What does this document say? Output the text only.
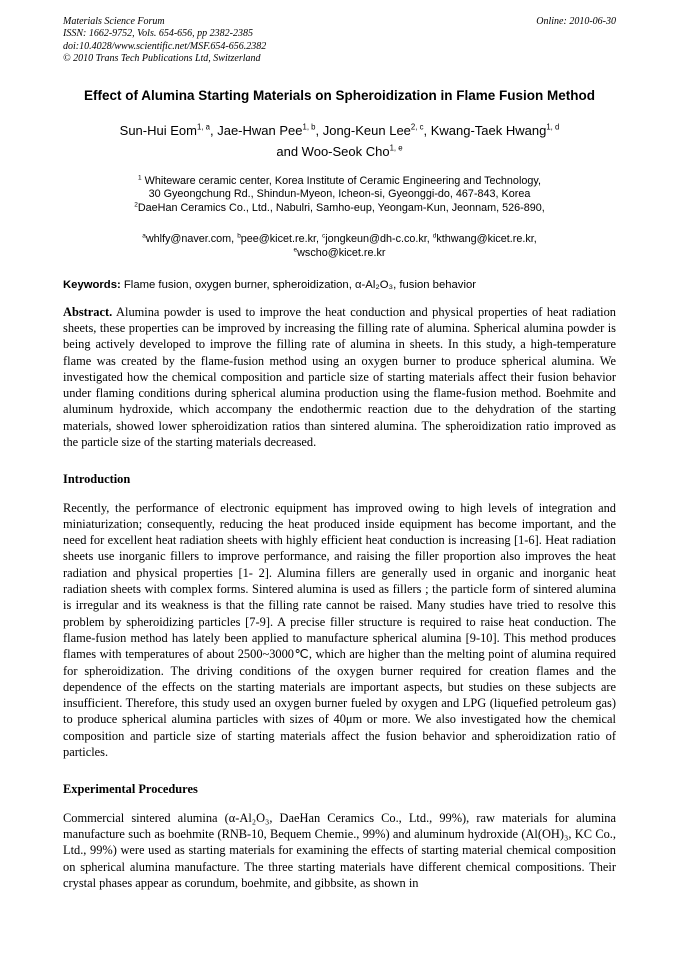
Materials Science Forum	Online: 2010-06-30
ISSN: 1662-9752, Vols. 654-656, pp 2382-2385
doi:10.4028/www.scientific.net/MSF.654-656.2382
© 2010 Trans Tech Publications Ltd, Switzerland
Effect of Alumina Starting Materials on Spheroidization in Flame Fusion Method
Sun-Hui Eom$^{1, a}$, Jae-Hwan Pee$^{1, b}$, Jong-Keun Lee$^{2, c}$, Kwang-Taek Hwang$^{1, d}$
and Woo-Seok Cho$^{1, e}$
$^1$ Whiteware ceramic center, Korea Institute of Ceramic Engineering and Technology,
30 Gyeongchung Rd., Shindun-Myeon, Icheon-si, Gyeonggi-do, 467-843, Korea
$^2$DaeHan Ceramics Co., Ltd., Nabulri, Samho-eup, Yeongam-Kun, Jeonnam, 526-890,
$^a$whlfy@naver.com, $^b$pee@kicet.re.kr, $^c$jongkeun@dh-c.co.kr, $^d$kthwang@kicet.re.kr,
$^e$wscho@kicet.re.kr
Keywords: Flame fusion, oxygen burner, spheroidization, α-Al₂O₃, fusion behavior

Abstract. Alumina powder is used to improve the heat conduction and physical properties of heat radiation sheets, these properties can be improved by increasing the filling rate of alumina. Spherical alumina powder is being actively developed to improve the filling rate of alumina in sheets. In this study, a high-temperature flame was created by the flame-fusion method using an oxygen burner to produce spherical alumina. We investigated how the chemical composition and particle size of starting materials affect their fusion behavior under flaming conditions during spherical alumina production using the flame-fusion method. Boehmite and aluminum hydroxide, which accompany the endothermic reaction due to the dehydration of the starting materials, showed lower spheroidization ratios than sintered alumina. The spheroidization ratio improved as the particle size of the starting materials decreased.

Introduction

Recently, the performance of electronic equipment has improved owing to high levels of integration and miniaturization; consequently, reducing the heat produced inside equipment has become important, and the need for excellent heat radiation sheets with highly efficient heat conduction is increasing [1-6]. Heat radiation sheets use inorganic fillers to improve performance, and raising the filler proportion also improves the heat radiation and physical properties [1- 2]. Alumina fillers are generally used in organic and inorganic heat radiation sheets with complex forms. Sintered alumina is used as fillers ; the particle form of sintered alumina is irregular and its weakness is that the filling rate cannot be raised. Many studies have tried to resolve this problem by spheroidizing particles [7-9]. A precise filler structure is required to raise heat conduction. The flame-fusion method has lately been applied to manufacture spherical alumina [9-10]. This method produces flames with temperatures of about 2500~3000℃, which are higher than the melting point of alumina required for spheroidization. The driving conditions of the oxygen burner required for creation flames and the dependence of the effects on the starting materials are important aspects, but studies on these subjects are insufficient. Therefore, this study used an oxygen burner fueled by oxygen and LPG (liquefied petroleum gas) to produce spherical alumina particles with sizes of 40μm or more. We also investigated how the chemical composition and particle size of starting materials affect the fusion behavior and spheroidization ratio of particles.

Experimental Procedures

Commercial sintered alumina (α-Al₂O₃, DaeHan Ceramics Co., Ltd., 99%), raw materials for alumina manufacture such as boehmite (RNB-10, Bequem Chemie., 99%) and aluminum hydroxide (Al(OH)₃, KC Co., Ltd., 99%) were used as starting materials for examining the effects of starting material chemical composition on spherical alumina manufacture. The three starting materials have different chemical compositions. Their crystal phases appear as corundum, boehmite, and gibbsite, as shown in
